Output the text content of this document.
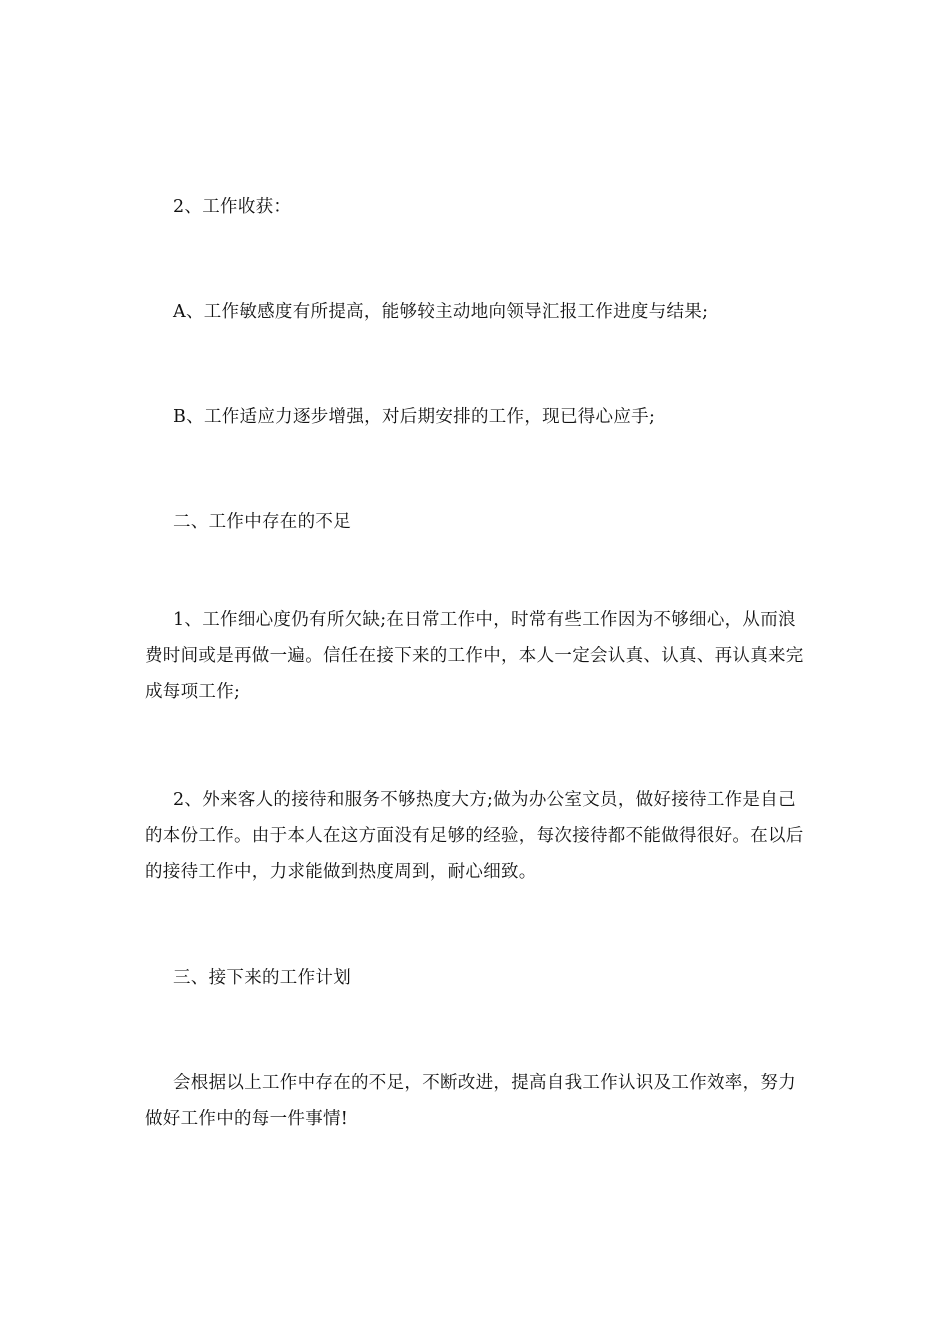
2、工作收获：

A、工作敏感度有所提高，能够较主动地向领导汇报工作进度与结果;

B、工作适应力逐步增强，对后期安排的工作，现已得心应手;

二、工作中存在的不足

1、工作细心度仍有所欠缺;在日常工作中，时常有些工作因为不够细心，从而浪费时间或是再做一遍。信任在接下来的工作中，本人一定会认真、认真、再认真来完成每项工作;

2、外来客人的接待和服务不够热度大方;做为办公室文员，做好接待工作是自己的本份工作。由于本人在这方面没有足够的经验，每次接待都不能做得很好。在以后的接待工作中，力求能做到热度周到，耐心细致。

三、接下来的工作计划

会根据以上工作中存在的不足，不断改进，提高自我工作认识及工作效率，努力做好工作中的每一件事情!
